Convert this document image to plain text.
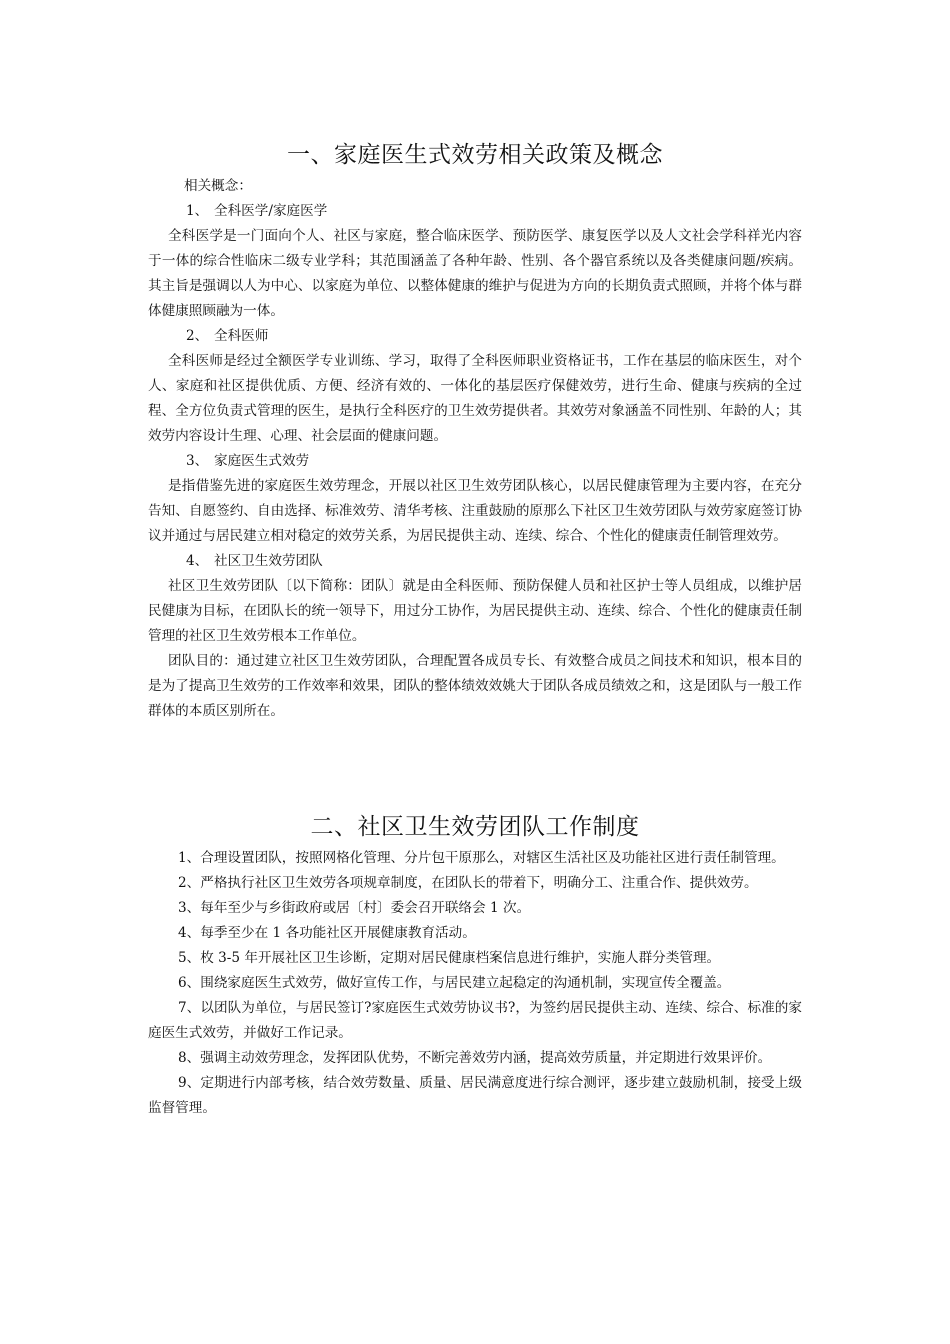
一、家庭医生式效劳相关政策及概念

相关概念：

1、 全科医学/家庭医学

全科医学是一门面向个人、社区与家庭，整合临床医学、预防医学、康复医学以及人文社会学科祥光内容于一体的综合性临床二级专业学科；其范围涵盖了各种年龄、性别、各个器官系统以及各类健康问题/疾病。其主旨是强调以人为中心、以家庭为单位、以整体健康的维护与促进为方向的长期负责式照顾，并将个体与群体健康照顾融为一体。

2、 全科医师

全科医师是经过全额医学专业训练、学习，取得了全科医师职业资格证书，工作在基层的临床医生，对个人、家庭和社区提供优质、方便、经济有效的、一体化的基层医疗保健效劳，进行生命、健康与疾病的全过程、全方位负责式管理的医生，是执行全科医疗的卫生效劳提供者。其效劳对象涵盖不同性别、年龄的人；其效劳内容设计生理、心理、社会层面的健康问题。

3、 家庭医生式效劳

是指借鉴先进的家庭医生效劳理念，开展以社区卫生效劳团队核心，以居民健康管理为主要内容，在充分告知、自愿签约、自由选择、标准效劳、清华考核、注重鼓励的原那么下社区卫生效劳团队与效劳家庭签订协议并通过与居民建立相对稳定的效劳关系，为居民提供主动、连续、综合、个性化的健康责任制管理效劳。

4、 社区卫生效劳团队

社区卫生效劳团队〔以下简称：团队〕就是由全科医师、预防保健人员和社区护士等人员组成，以维护居民健康为目标，在团队长的统一领导下，用过分工协作，为居民提供主动、连续、综合、个性化的健康责任制管理的社区卫生效劳根本工作单位。

团队目的：通过建立社区卫生效劳团队，合理配置各成员专长、有效整合成员之间技术和知识，根本目的是为了提高卫生效劳的工作效率和效果，团队的整体绩效效姚大于团队各成员绩效之和，这是团队与一般工作群体的本质区别所在。

二、社区卫生效劳团队工作制度

1、合理设置团队，按照网格化管理、分片包干原那么，对辖区生活社区及功能社区进行责任制管理。

2、严格执行社区卫生效劳各项规章制度，在团队长的带着下，明确分工、注重合作、提供效劳。

3、每年至少与乡街政府或居〔村〕委会召开联络会 1 次。

4、每季至少在 1 各功能社区开展健康教育活动。

5、枚 3-5 年开展社区卫生诊断，定期对居民健康档案信息进行维护，实施人群分类管理。

6、围绕家庭医生式效劳，做好宣传工作，与居民建立起稳定的沟通机制，实现宣传全覆盖。

7、以团队为单位，与居民签订?家庭医生式效劳协议书?，为签约居民提供主动、连续、综合、标准的家庭医生式效劳，并做好工作记录。

8、强调主动效劳理念，发挥团队优势，不断完善效劳内涵，提高效劳质量，并定期进行效果评价。

9、定期进行内部考核，结合效劳数量、质量、居民满意度进行综合测评，逐步建立鼓励机制，接受上级监督管理。
